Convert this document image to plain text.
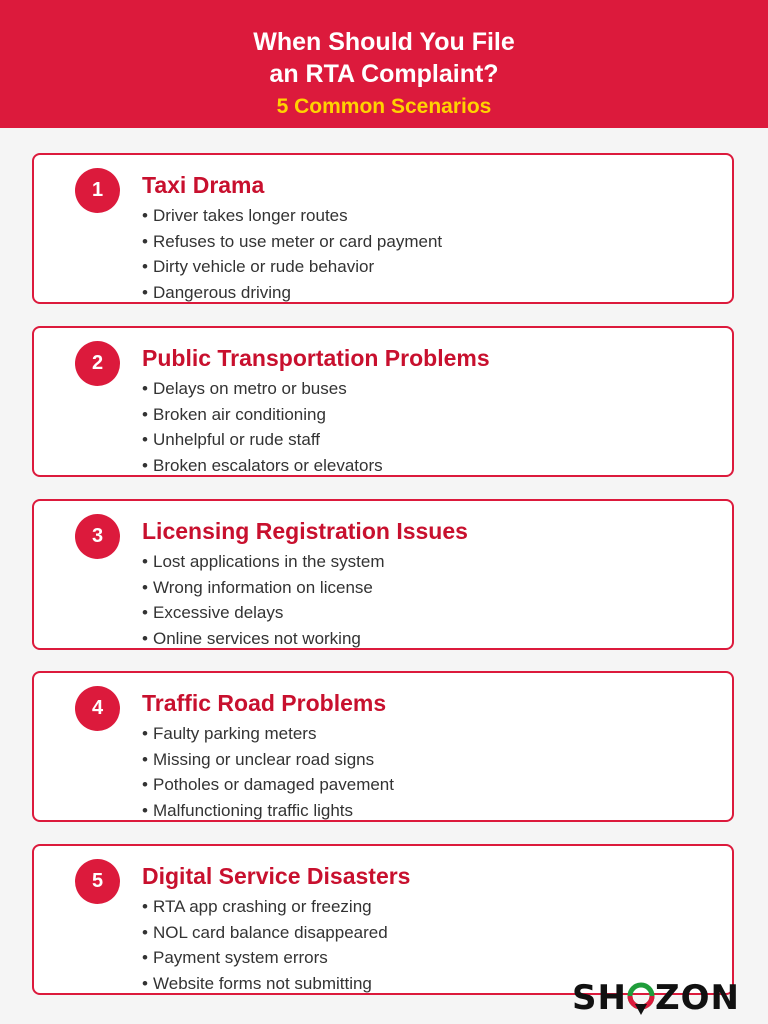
When Should You File
an RTA Complaint?
5 Common Scenarios
1	Taxi Drama
• Driver takes longer routes
• Refuses to use meter or card payment
• Dirty vehicle or rude behavior
• Dangerous driving
2	Public Transportation Problems
• Delays on metro or buses
• Broken air conditioning
• Unhelpful or rude staff
• Broken escalators or elevators
3	Licensing Registration Issues
• Lost applications in the system
• Wrong information on license
• Excessive delays
• Online services not working
4	Traffic Road Problems
• Faulty parking meters
• Missing or unclear road signs
• Potholes or damaged pavement
• Malfunctioning traffic lights
5	Digital Service Disasters
• RTA app crashing or freezing
• NOL card balance disappeared
• Payment system errors
• Website forms not submitting	SH ZON
